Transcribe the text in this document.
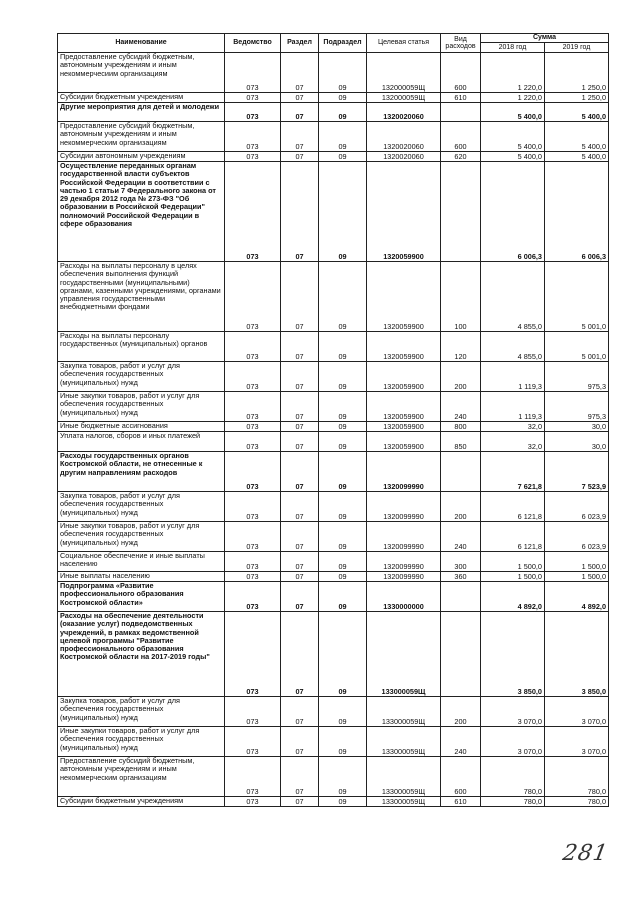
Наименование	Ведомство	Раздел	Подраздел	Целевая статья	Вид расходов	Сумма	
						2018 год	2019 год
Предоставление субсидий бюджетным, автономным учреждениям и иным некоммерчесиим организациям	073	07	09	132000059Щ	600	1 220,0	1 250,0
Субсидии бюджетным учреждениям	073	07	09	132000059Щ	610	1 220,0	1 250,0
Другие мероприятия для детей и молодежи	073	07	09	1320020060		5 400,0	5 400,0
Предоставление субсидий бюджетным, автономным учреждениям и иным некоммерческим организациям	073	07	09	1320020060	600	5 400,0	5 400,0
Субсидии автономным учреждениям	073	07	09	1320020060	620	5 400,0	5 400,0
Осуществление переданных органам государственной власти субъектов Российской Федерации в соответствии с частью 1 статьи 7 Федерального закона от 29 декабря 2012 года № 273-ФЗ "Об образовании в Российской Федерации" полномочий Российской Федерации в сфере образования	073	07	09	1320059900		6 006,3	6 006,3
Расходы на выплаты персоналу в целях обеспечения выполнения функций государственными (муниципальными) органами, казенными учреждениями, органами управления государственными внебюджетными фондами	073	07	09	1320059900	100	4 855,0	5 001,0
Расходы на выплаты персоналу государственных (муниципальных) органов	073	07	09	1320059900	120	4 855,0	5 001,0
Закупка товаров, работ и услуг для обеспечения государственных (муниципальных) нужд	073	07	09	1320059900	200	1 119,3	975,3
Иные закупки товаров, работ и услуг для обеспечения государственных (муниципальных) нужд	073	07	09	1320059900	240	1 119,3	975,3
Иные бюджетные ассигнования	073	07	09	1320059900	800	32,0	30,0
Уплата налогов, сборов и иных платежей	073	07	09	1320059900	850	32,0	30,0
Расходы государственных органов Костромской области, не отнесенные к другим направлениям расходов	073	07	09	1320099990		7 621,8	7 523,9
Закупка товаров, работ и услуг для обеспечения государственных (муниципальных) нужд	073	07	09	1320099990	200	6 121,8	6 023,9
Иные закупки товаров, работ и услуг для обеспечения государственных (муниципальных) нужд	073	07	09	1320099990	240	6 121,8	6 023,9
Социальное обеспечение и иные выплаты населению	073	07	09	1320099990	300	1 500,0	1 500,0
Иные выплаты населению	073	07	09	1320099990	360	1 500,0	1 500,0
Подпрограмма «Развитие профессионального образования Костромской области»	073	07	09	1330000000		4 892,0	4 892,0
Расходы на обеспечение деятельности (оказание услуг) подведомственных учреждений, в рамках ведомственной целевой программы "Развитие профессионального образования Костромской области на 2017-2019 годы"	073	07	09	133000059Щ		3 850,0	3 850,0
Закупка товаров, работ и услуг для обеспечения государственных (муниципальных) нужд	073	07	09	133000059Щ	200	3 070,0	3 070,0
Иные закупки товаров, работ и услуг для обеспечения государственных (муниципальных) нужд	073	07	09	133000059Щ	240	3 070,0	3 070,0
Предоставление субсидий бюджетным, автономным учреждениям и иным некоммерческим организациям	073	07	09	133000059Щ	600	780,0	780,0
Субсидии бюджетным учреждениям	073	07	09	133000059Щ	610	780,0	780,0
281
